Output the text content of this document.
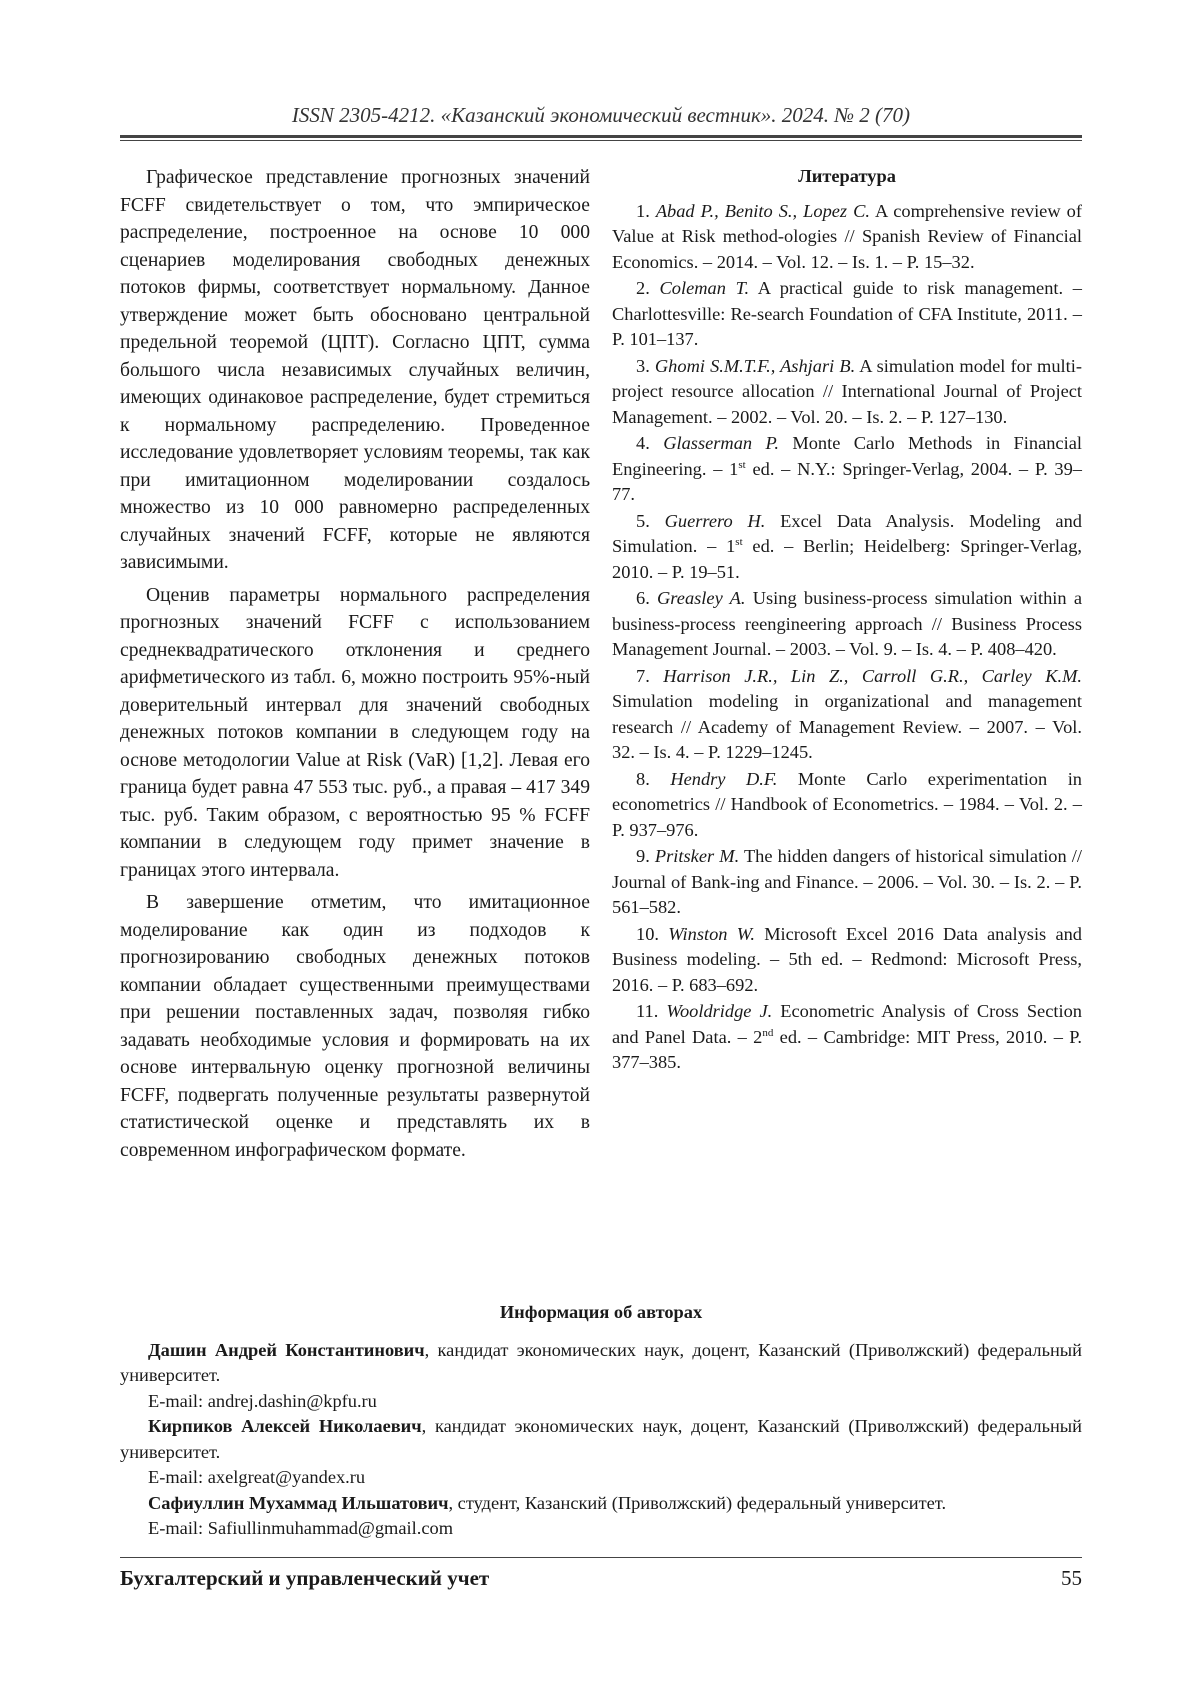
ISSN 2305-4212. «Казанский экономический вестник». 2024. № 2 (70)

Графическое представление прогнозных значений FCFF свидетельствует о том, что эмпирическое распределение, построенное на основе 10 000 сценариев моделирования свободных денежных потоков фирмы, соответствует нормальному. Данное утверждение может быть обосновано центральной предельной теоремой (ЦПТ). Согласно ЦПТ, сумма большого числа независимых случайных величин, имеющих одинаковое распределение, будет стремиться к нормальному распределению. Проведенное исследование удовлетворяет условиям теоремы, так как при имитационном моделировании создалось множество из 10 000 равномерно распределенных случайных значений FCFF, которые не являются зависимыми.

Оценив параметры нормального распределения прогнозных значений FCFF с использованием среднеквадратического отклонения и среднего арифметического из табл. 6, можно построить 95%-ный доверительный интервал для значений свободных денежных потоков компании в следующем году на основе методологии Value at Risk (VaR) [1,2]. Левая его граница будет равна 47 553 тыс. руб., а правая – 417 349 тыс. руб. Таким образом, с вероятностью 95 % FCFF компании в следующем году примет значение в границах этого интервала.

В завершение отметим, что имитационное моделирование как один из подходов к прогнозированию свободных денежных потоков компании обладает существенными преимуществами при решении поставленных задач, позволяя гибко задавать необходимые условия и формировать на их основе интервальную оценку прогнозной величины FCFF, подвергать полученные результаты развернутой статистической оценке и представлять их в современном инфографическом формате.

Литература
1. Abad P., Benito S., Lopez C. A comprehensive review of Value at Risk method-ologies // Spanish Review of Financial Economics. – 2014. – Vol. 12. – Is. 1. – P. 15–32.
2. Coleman T. A practical guide to risk management. – Charlottesville: Re-search Foundation of CFA Institute, 2011. – P. 101–137.
3. Ghomi S.M.T.F., Ashjari B. A simulation model for multi-project resource allocation // International Journal of Project Management. – 2002. – Vol. 20. – Is. 2. – P. 127–130.
4. Glasserman P. Monte Carlo Methods in Financial Engineering. – 1st ed. – N.Y.: Springer-Verlag, 2004. – P. 39–77.
5. Guerrero H. Excel Data Analysis. Modeling and Simulation. – 1st ed. – Berlin; Heidelberg: Springer-Verlag, 2010. – P. 19–51.
6. Greasley A. Using business-process simulation within a business-process reengineering approach // Business Process Management Journal. – 2003. – Vol. 9. – Is. 4. – P. 408–420.
7. Harrison J.R., Lin Z., Carroll G.R., Carley K.M. Simulation modeling in organizational and management research // Academy of Management Review. – 2007. – Vol. 32. – Is. 4. – P. 1229–1245.
8. Hendry D.F. Monte Carlo experimentation in econometrics // Handbook of Econometrics. – 1984. – Vol. 2. – P. 937–976.
9. Pritsker M. The hidden dangers of historical simulation // Journal of Bank-ing and Finance. – 2006. – Vol. 30. – Is. 2. – P. 561–582.
10. Winston W. Microsoft Excel 2016 Data analysis and Business modeling. – 5th ed. – Redmond: Microsoft Press, 2016. – P. 683–692.
11. Wooldridge J. Econometric Analysis of Cross Section and Panel Data. – 2nd ed. – Cambridge: MIT Press, 2010. – P. 377–385.
Информация об авторах

Дашин Андрей Константинович, кандидат экономических наук, доцент, Казанский (Приволжский) федеральный университет.

E-mail: andrej.dashin@kpfu.ru

Кирпиков Алексей Николаевич, кандидат экономических наук, доцент, Казанский (Приволжский) федеральный университет.

E-mail: axelgreat@yandex.ru

Сафиуллин Мухаммад Ильшатович, студент, Казанский (Приволжский) федеральный университет.

E-mail: Safiullinmuhammad@gmail.com

Бухгалтерский и управленческий учет	55
